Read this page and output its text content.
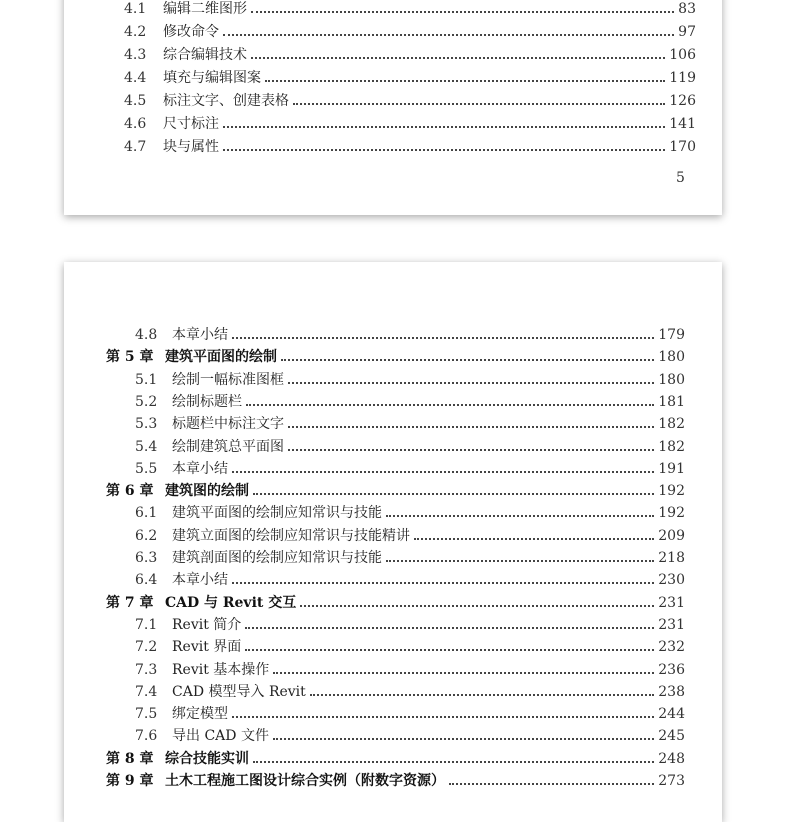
4.1	编辑二维图形	83
4.2	修改命令	97
4.3	综合编辑技术	106
4.4	填充与编辑图案	119
4.5	标注文字、创建表格	126
4.6	尺寸标注	141
4.7	块与属性	170
5
4.8	本章小结	179
第 5 章 建筑平面图的绘制	180
5.1	绘制一幅标准图框	180
5.2	绘制标题栏	181
5.3	标题栏中标注文字	182
5.4	绘制建筑总平面图	182
5.5	本章小结	191
第 6 章 建筑图的绘制	192
6.1	建筑平面图的绘制应知常识与技能	192
6.2	建筑立面图的绘制应知常识与技能精讲	209
6.3	建筑剖面图的绘制应知常识与技能	218
6.4	本章小结	230
第 7 章 CAD 与 Revit 交互	231
7.1	Revit 简介	231
7.2	Revit 界面	232
7.3	Revit 基本操作	236
7.4	CAD 模型导入 Revit	238
7.5	绑定模型	244
7.6	导出 CAD 文件	245
第 8 章 综合技能实训	248
第 9 章 土木工程施工图设计综合实例（附数字资源）	273
